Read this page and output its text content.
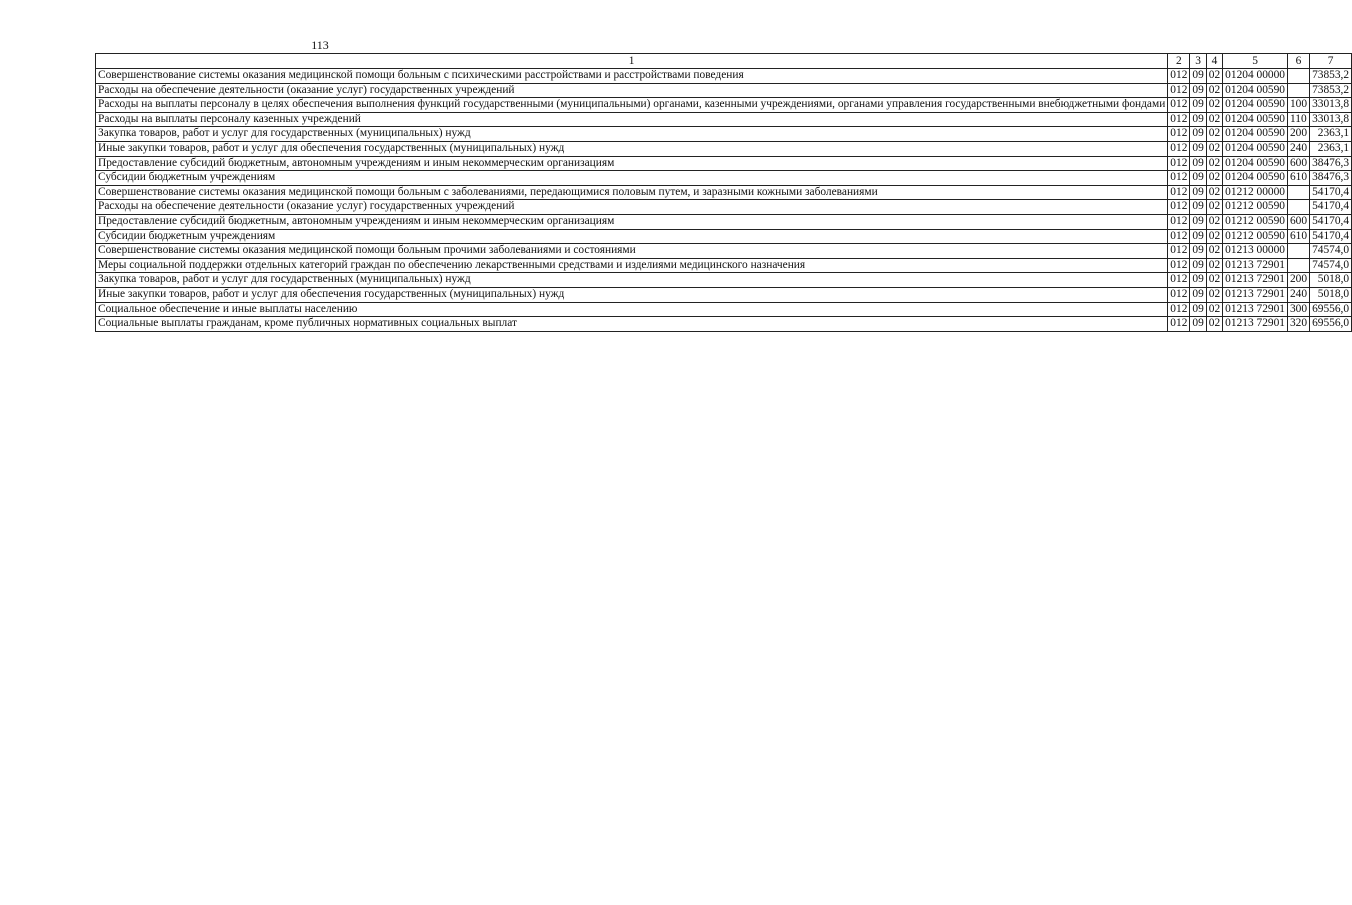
113
1	2	3	4	5	6	7
Совершенствование системы оказания медицинской помощи больным с психическими расстройствами и расстройствами поведения	012	09	02	01204 00000		73853,2
Расходы на обеспечение деятельности (оказание услуг) государственных учреждений	012	09	02	01204 00590		73853,2
Расходы на выплаты персоналу в целях обеспечения выполнения функций государственными (муниципальными) органами, казенными учреждениями, органами управления государственными внебюджетными фондами	012	09	02	01204 00590	100	33013,8
Расходы на выплаты персоналу казенных учреждений	012	09	02	01204 00590	110	33013,8
Закупка товаров, работ и услуг для государственных (муниципальных) нужд	012	09	02	01204 00590	200	2363,1
Иные закупки товаров, работ и услуг для обеспечения государственных (муниципальных) нужд	012	09	02	01204 00590	240	2363,1
Предоставление субсидий бюджетным, автономным учреждениям и иным некоммерческим организациям	012	09	02	01204 00590	600	38476,3
Субсидии бюджетным учреждениям	012	09	02	01204 00590	610	38476,3
Совершенствование системы оказания медицинской помощи больным с заболеваниями, передающимися половым путем, и заразными кожными заболеваниями	012	09	02	01212 00000		54170,4
Расходы на обеспечение деятельности (оказание услуг) государственных учреждений	012	09	02	01212 00590		54170,4
Предоставление субсидий бюджетным, автономным учреждениям и иным некоммерческим организациям	012	09	02	01212 00590	600	54170,4
Субсидии бюджетным учреждениям	012	09	02	01212 00590	610	54170,4
Совершенствование системы оказания медицинской помощи больным прочими заболеваниями и состояниями	012	09	02	01213 00000		74574,0
Меры социальной поддержки отдельных категорий граждан по обеспечению лекарственными средствами и изделиями медицинского назначения	012	09	02	01213 72901		74574,0
Закупка товаров, работ и услуг для государственных (муниципальных) нужд	012	09	02	01213 72901	200	5018,0
Иные закупки товаров, работ и услуг для обеспечения государственных (муниципальных) нужд	012	09	02	01213 72901	240	5018,0
Социальное обеспечение и иные выплаты населению	012	09	02	01213 72901	300	69556,0
Социальные выплаты гражданам, кроме публичных нормативных социальных выплат	012	09	02	01213 72901	320	69556,0
